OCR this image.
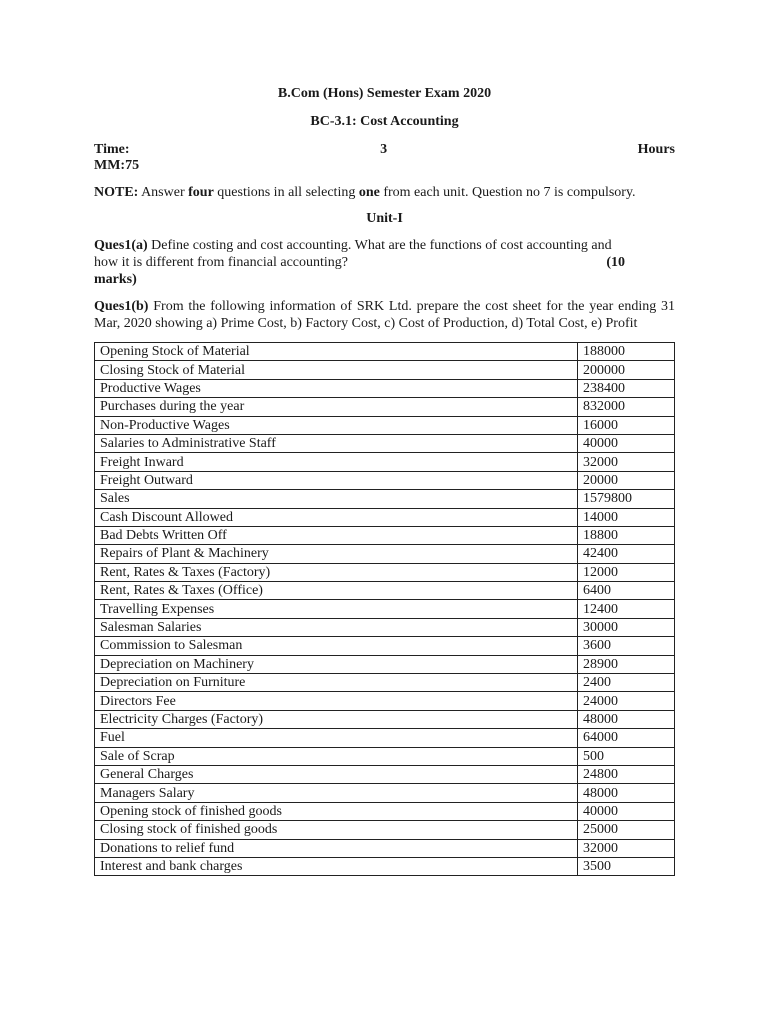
B.Com (Hons) Semester Exam 2020
BC-3.1: Cost Accounting
Time:	3	Hours
MM:75

NOTE: Answer four questions in all selecting one from each unit. Question no 7 is compulsory.

Unit-I
Ques1(a) Define costing and cost accounting. What are the functions of cost accounting and
how it is different from financial accounting?	(10
marks)

Ques1(b) From the following information of SRK Ltd. prepare the cost sheet for the year ending 31 Mar, 2020 showing a) Prime Cost, b) Factory Cost, c) Cost of Production, d) Total Cost, e) Profit

Opening Stock of Material	188000
Closing Stock of Material	200000
Productive Wages	238400
Purchases during the year	832000
Non-Productive Wages	16000
Salaries to Administrative Staff	40000
Freight Inward	32000
Freight Outward	20000
Sales	1579800
Cash Discount Allowed	14000
Bad Debts Written Off	18800
Repairs of Plant & Machinery	42400
Rent, Rates & Taxes (Factory)	12000
Rent, Rates & Taxes (Office)	6400
Travelling Expenses	12400
Salesman Salaries	30000
Commission to Salesman	3600
Depreciation on Machinery	28900
Depreciation on Furniture	2400
Directors Fee	24000
Electricity Charges (Factory)	48000
Fuel	64000
Sale of Scrap	500
General Charges	24800
Managers Salary	48000
Opening stock of finished goods	40000
Closing stock of finished goods	25000
Donations to relief fund	32000
Interest and bank charges	3500
